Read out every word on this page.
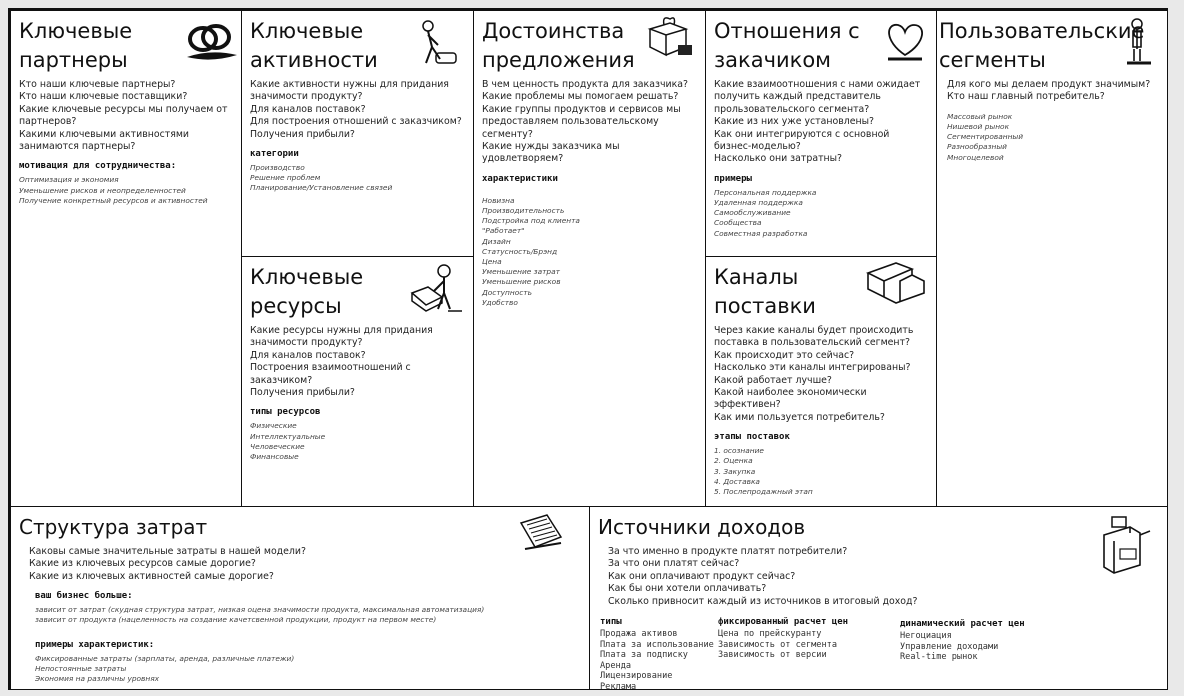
Ключевые
партнеры
Кто наши ключевые партнеры?
Кто наши ключевые поставщики?
Какие ключевые ресурсы мы получаем от партнеров?
Какими ключевыми активностями занимаются партнеры?
мотивация для сотрудничества:
Оптимизация и экономия
Уменьшение рисков и неопределенностей
Получение конкретный ресурсов и активностей
Ключевые
активности
Какие активности нужны для придания значимости продукту?
Для каналов поставок?
Для построения отношений с заказчиком?
Получения прибыли?
категории
Производство
Решение проблем
Планирование/Установление связей
Ключевые
ресурсы
Какие ресурсы нужны для придания значимости продукту?
Для каналов поставок?
Построения взаимоотношений с заказчиком?
Получения прибыли?
типы ресурсов
Физические
Интеллектуальные
Человеческие
Финансовые
Достоинства
предложения
В чем ценность продукта для заказчика?
Какие проблемы мы помогаем решать?
Какие группы продуктов и сервисов мы предоставляем пользовательскому сегменту?
Какие нужды заказчика мы удовлетворяем?
характеристики
Новизна
Производительность
Подстройка под клиента
"Работает"
Дизайн
Статусность/Брэнд
Цена
Уменьшение затрат
Уменьшение рисков
Доступность
Удобство
Отношения с
закачиком
Какие взаимоотношения с нами ожидает получить каждый представитель прользовательского сегмента?
Какие из них уже установлены?
Как они интегрируются с основной бизнес-моделью?
Насколько они затратны?
примеры
Персональная поддержка
Удаленная поддержка
Самообслуживание
Сообщества
Совместная разработка
Каналы
поставки
Через какие каналы будет происходить поставка в пользовательский сегмент?
Как происходит это сейчас?
Насколько эти каналы интегрированы?
Какой работает лучше?
Какой наиболее экономически эффективен?
Как ими пользуется потребитель?
этапы поставок
1. осознание
2. Оценка
3. Закупка
4. Доставка
5. Послепродажный этап
Пользовательские
сегменты
Для кого мы делаем продукт значимым?
Кто наш главный потребитель?
Массовый рынок
Нишевой рынок
Сегментированный
Разнообразный
Многоцелевой
Структура затрат
Каковы самые значительные затраты в нашей модели?
Какие из ключевых ресурсов самые дорогие?
Какие из ключевых активностей самые дорогие?
ваш бизнес больше:
зависит от затрат (скудная структура затрат, низкая оцена значимости продукта, максимальная автоматизация)
зависит от продукта (нацеленность на создание качетсвенной продукции, продукт на первом месте)
примеры характеристик:
Фиксированные затраты (зарплаты, аренда, различные платежи)
Непостоянные затраты
Экономия на различны уровнях
Источники доходов
За что именно в продукте платят потребители?
За что они платят сейчас?
Как они оплачивают продукт сейчас?
Как бы они хотели оплачивать?
Сколько привносит каждый из источников в итоговый доход?
типы
Продажа активов
Плата за использование
Плата за подписку
Аренда
Лицензирование
Реклама
фиксированный расчет цен
Цена по прейскуранту
Зависимость от сегмента
Зависимость от версии
динамический расчет цен
Негоциация
Управление доходами
Real-time рынок
